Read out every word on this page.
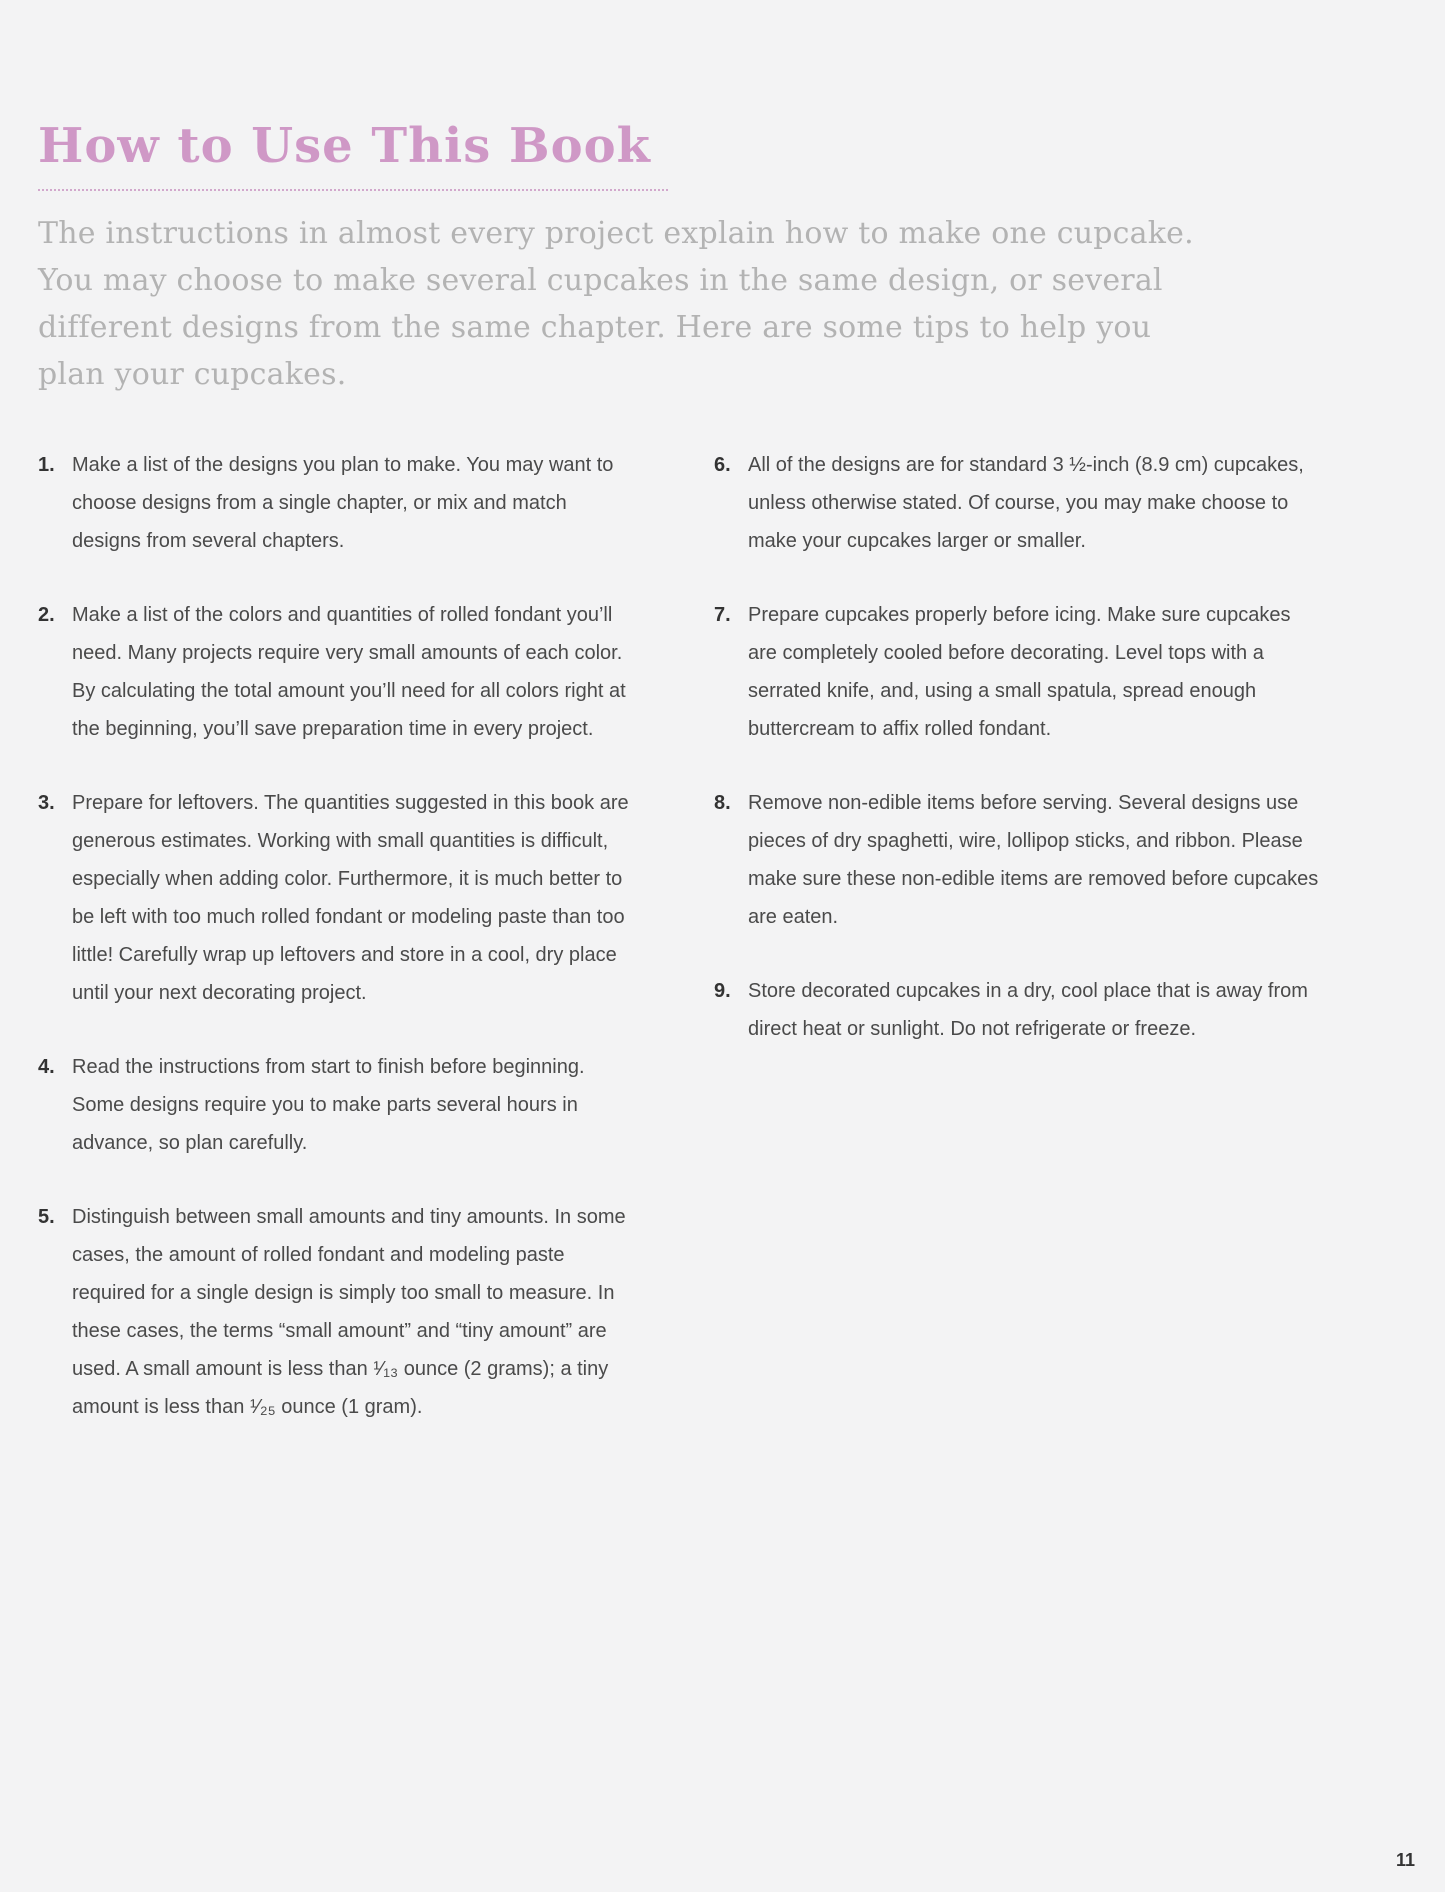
How to Use This Book

The instructions in almost every project explain how to make one cupcake.
You may choose to make several cupcakes in the same design, or several
different designs from the same chapter. Here are some tips to help you
plan your cupcakes.

1. Make a list of the designs you plan to make. You may want to
choose designs from a single chapter, or mix and match
designs from several chapters.
2. Make a list of the colors and quantities of rolled fondant you’ll
need. Many projects require very small amounts of each color.
By calculating the total amount you’ll need for all colors right at
the beginning, you’ll save preparation time in every project.
3. Prepare for leftovers. The quantities suggested in this book are
generous estimates. Working with small quantities is difficult,
especially when adding color. Furthermore, it is much better to
be left with too much rolled fondant or modeling paste than too
little! Carefully wrap up leftovers and store in a cool, dry place
until your next decorating project.
4. Read the instructions from start to finish before beginning.
Some designs require you to make parts several hours in
advance, so plan carefully.
5. Distinguish between small amounts and tiny amounts. In some
cases, the amount of rolled fondant and modeling paste
required for a single design is simply too small to measure. In
these cases, the terms “small amount” and “tiny amount” are
used. A small amount is less than ¹⁄₁₃ ounce (2 grams); a tiny
amount is less than ¹⁄₂₅ ounce (1 gram).
6. All of the designs are for standard 3 ½-inch (8.9 cm) cupcakes,
unless otherwise stated. Of course, you may make choose to
make your cupcakes larger or smaller.
7. Prepare cupcakes properly before icing. Make sure cupcakes
are completely cooled before decorating. Level tops with a
serrated knife, and, using a small spatula, spread enough
buttercream to affix rolled fondant.
8. Remove non-edible items before serving. Several designs use
pieces of dry spaghetti, wire, lollipop sticks, and ribbon. Please
make sure these non-edible items are removed before cupcakes
are eaten.
9. Store decorated cupcakes in a dry, cool place that is away from
direct heat or sunlight. Do not refrigerate or freeze.
11
